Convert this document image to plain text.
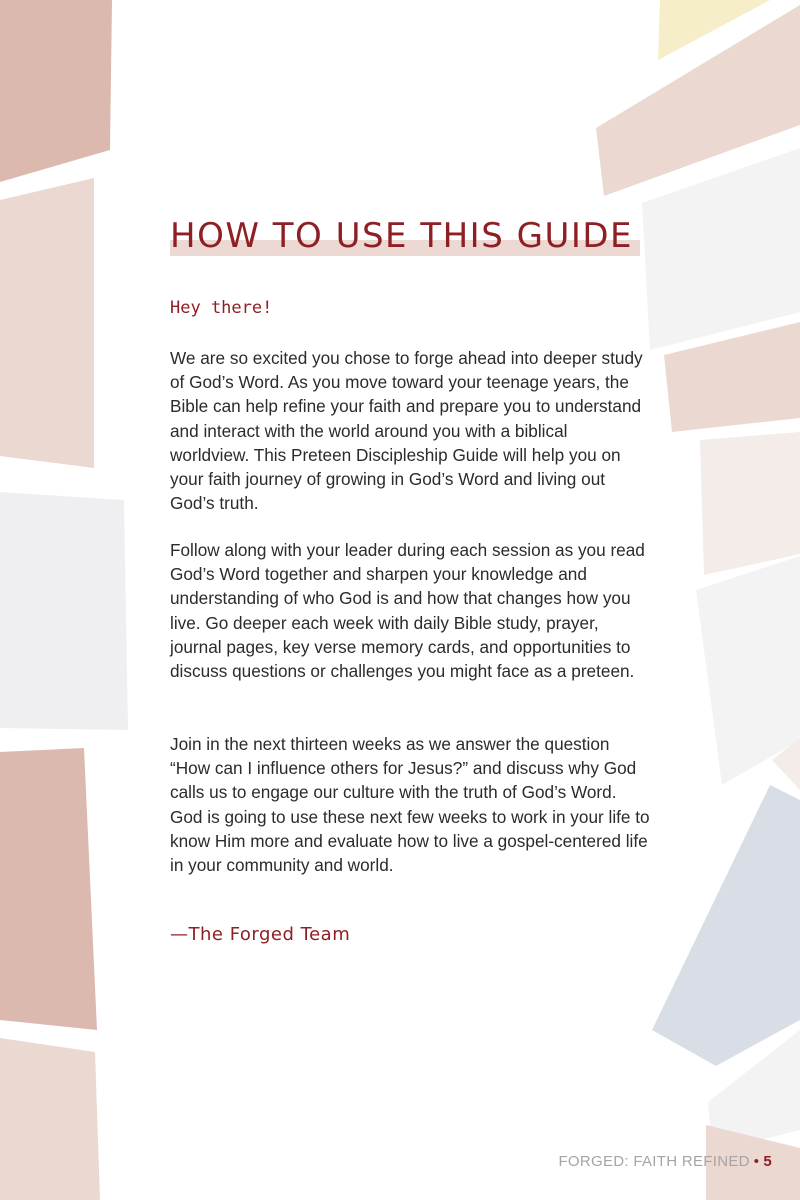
HOW TO USE THIS GUIDE

Hey there!

We are so excited you chose to forge ahead into deeper study of God’s Word. As you move toward your teenage years, the Bible can help refine your faith and prepare you to understand and interact with the world around you with a biblical worldview. This Preteen Discipleship Guide will help you on your faith journey of growing in God’s Word and living out God’s truth.

Follow along with your leader during each session as you read God’s Word together and sharpen your knowledge and understanding of who God is and how that changes how you live. Go deeper each week with daily Bible study, prayer, journal pages, key verse memory cards, and opportunities to discuss questions or challenges you might face as a preteen.

Join in the next thirteen weeks as we answer the question “How can I influence others for Jesus?” and discuss why God calls us to engage our culture with the truth of God’s Word. God is going to use these next few weeks to work in your life to know Him more and evaluate how to live a gospel-centered life in your community and world.

—The Forged Team

FORGED: FAITH REFINED • 5
